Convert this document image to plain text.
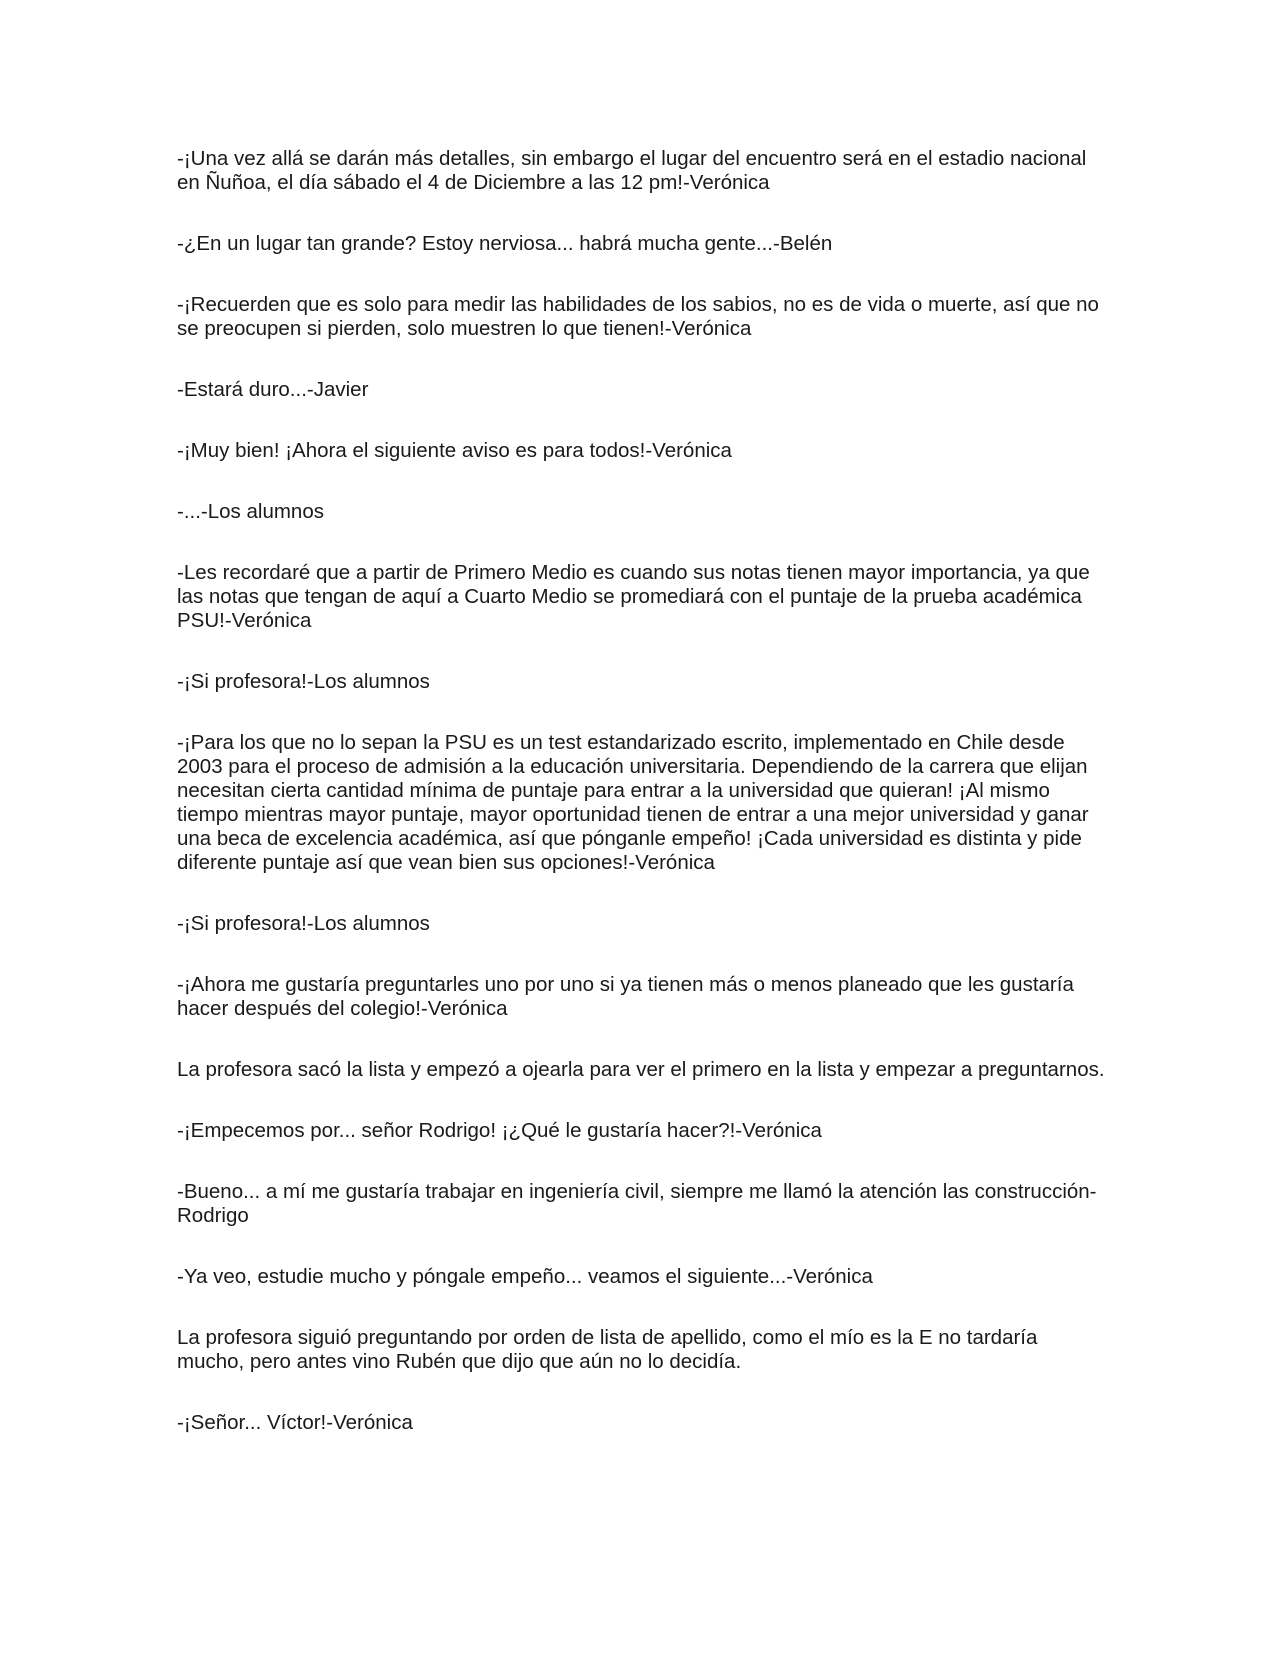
-¡Una vez allá se darán más detalles, sin embargo el lugar del encuentro será en el estadio nacional en Ñuñoa, el día sábado el 4 de Diciembre a las 12 pm!-Verónica

-¿En un lugar tan grande? Estoy nerviosa... habrá mucha gente...-Belén

-¡Recuerden que es solo para medir las habilidades de los sabios, no es de vida o muerte, así que no se preocupen si pierden, solo muestren lo que tienen!-Verónica

-Estará duro...-Javier

-¡Muy bien! ¡Ahora el siguiente aviso es para todos!-Verónica

-...-Los alumnos

-Les recordaré que a partir de Primero Medio es cuando sus notas tienen mayor importancia, ya que las notas que tengan de aquí a Cuarto Medio se promediará con el puntaje de la prueba académica PSU!-Verónica

-¡Si profesora!-Los alumnos

-¡Para los que no lo sepan la PSU es un test estandarizado escrito, implementado en Chile desde 2003 para el proceso de admisión a la educación universitaria. Dependiendo de la carrera que elijan necesitan cierta cantidad mínima de puntaje para entrar a la universidad que quieran! ¡Al mismo tiempo mientras mayor puntaje, mayor oportunidad tienen de entrar a una mejor universidad y ganar una beca de excelencia académica, así que pónganle empeño! ¡Cada universidad es distinta y pide diferente puntaje así que vean bien sus opciones!-Verónica

-¡Si profesora!-Los alumnos

-¡Ahora me gustaría preguntarles uno por uno si ya tienen más o menos planeado que les gustaría hacer después del colegio!-Verónica

La profesora sacó la lista y empezó a ojearla para ver el primero en la lista y empezar a preguntarnos.

-¡Empecemos por... señor Rodrigo! ¡¿Qué le gustaría hacer?!-Verónica

-Bueno... a mí me gustaría trabajar en ingeniería civil, siempre me llamó la atención las construcción-Rodrigo

-Ya veo, estudie mucho y póngale empeño... veamos el siguiente...-Verónica

La profesora siguió preguntando por orden de lista de apellido, como el mío es la E no tardaría mucho, pero antes vino Rubén que dijo que aún no lo decidía.

-¡Señor... Víctor!-Verónica
